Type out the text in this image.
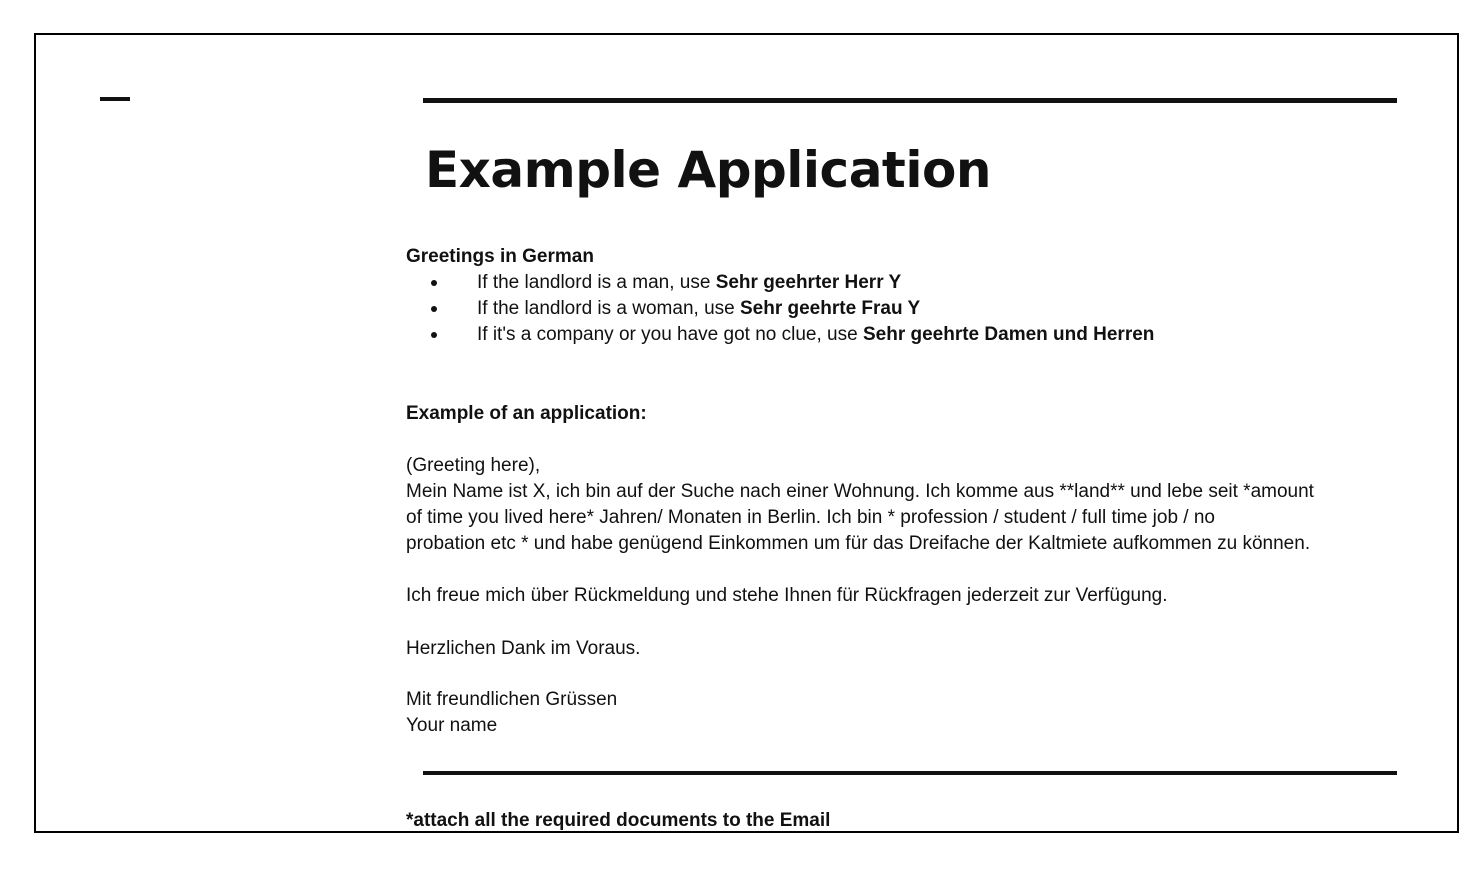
Example Application
Greetings in German
If the landlord is a man, use Sehr geehrter Herr Y
If the landlord is a woman, use Sehr geehrte Frau Y
If it's a company or you have got no clue, use Sehr geehrte Damen und Herren
Example of an application:
(Greeting here),
Mein Name ist X, ich bin auf der Suche nach einer Wohnung. Ich komme aus **land** und lebe seit *amount
of time you lived here* Jahren/ Monaten in Berlin. Ich bin * profession / student / full time job / no
probation etc * und habe genügend Einkommen um für das Dreifache der Kaltmiete aufkommen zu können.
Ich freue mich über Rückmeldung und stehe Ihnen für Rückfragen jederzeit zur Verfügung.
Herzlichen Dank im Voraus.
Mit freundlichen Grüssen
Your name
*attach all the required documents to the Email
